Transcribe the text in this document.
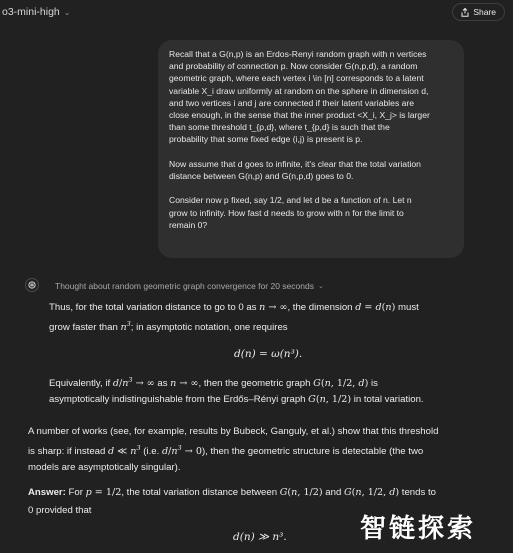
o3-mini-high ⌄	Share
Recall that a G(n,p) is an Erdos-Renyi random graph with n vertices
and probability of connection p. Now consider G(n,p,d), a random
geometric graph, where each vertex i \in [n] corresponds to a latent
variable X_i draw uniformly at random on the sphere in dimension d,
and two vertices i and j are connected if their latent variables are
close enough, in the sense that the inner product <X_i, X_j> is larger
than some threshold t_{p,d}, where t_{p,d} is such that the
probability that some fixed edge (i,j) is present is p.

Now assume that d goes to infinite, it's clear that the total variation
distance between G(n,p) and G(n,p,d) goes to 0.

Consider now p fixed, say 1/2, and let d be a function of n. Let n
grow to infinity. How fast d needs to grow with n for the limit to
remain 0?
Thought about random geometric graph convergence for 20 seconds ⌄
Thus, for the total variation distance to go to 0 as n → ∞, the dimension d = d(n) must
grow faster than $n^3$; in asymptotic notation, one requires
d(n) = ω(n³).
Equivalently, if $d/n^3$ → ∞ as n → ∞, then the geometric graph G(n, 1/2, d) is
asymptotically indistinguishable from the Erdős–Rényi graph G(n, 1/2) in total variation.
A number of works (see, for example, results by Bubeck, Ganguly, et al.) show that this threshold
is sharp: if instead d ≪ $n^3$ (i.e. $d/n^3 \to 0$), then the geometric structure is detectable (the two
models are asymptotically singular).
Answer: For p = 1/2, the total variation distance between G(n, 1/2) and G(n, 1/2, d) tends to
0 provided that
d(n) ≫ n³.	智链探索
